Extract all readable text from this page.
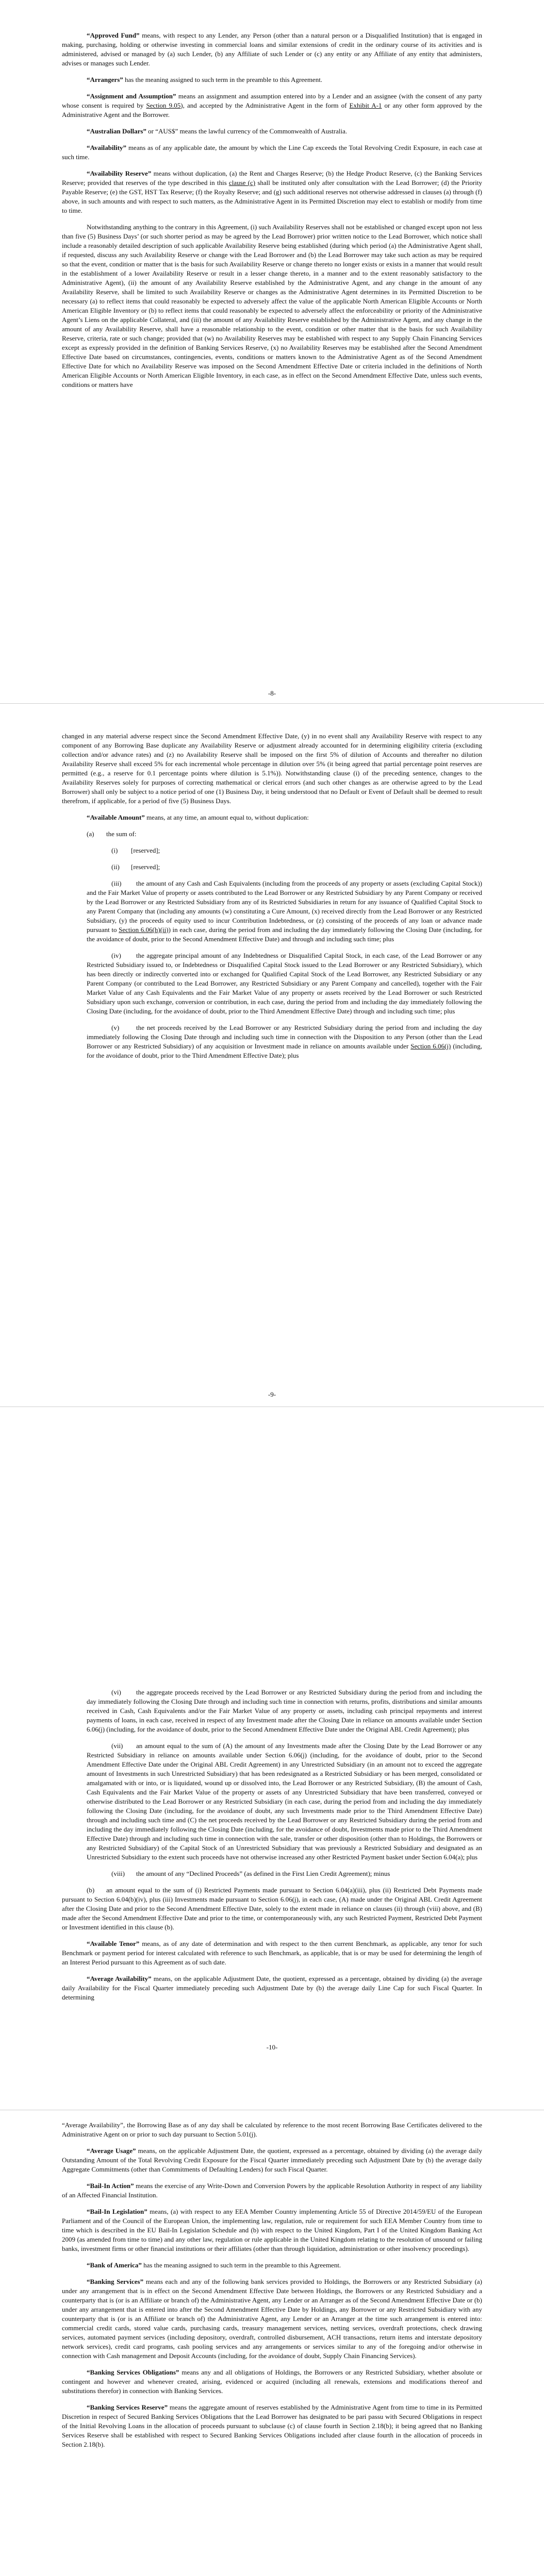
“Approved Fund” means, with respect to any Lender, any Person (other than a natural person or a Disqualified Institution) that is engaged in making, purchasing, holding or otherwise investing in commercial loans and similar extensions of credit in the ordinary course of its activities and is administered, advised or managed by (a) such Lender, (b) any Affiliate of such Lender or (c) any entity or any Affiliate of any entity that administers, advises or manages such Lender.

“Arrangers” has the meaning assigned to such term in the preamble to this Agreement.

“Assignment and Assumption” means an assignment and assumption entered into by a Lender and an assignee (with the consent of any party whose consent is required by Section 9.05), and accepted by the Administrative Agent in the form of Exhibit A-1 or any other form approved by the Administrative Agent and the Borrower.

“Australian Dollars” or “AUS$” means the lawful currency of the Commonwealth of Australia.

“Availability” means as of any applicable date, the amount by which the Line Cap exceeds the Total Revolving Credit Exposure, in each case at such time.

“Availability Reserve” means without duplication, (a) the Rent and Charges Reserve; (b) the Hedge Product Reserve, (c) the Banking Services Reserve; provided that reserves of the type described in this clause (c) shall be instituted only after consultation with the Lead Borrower; (d) the Priority Payable Reserve; (e) the GST, HST Tax Reserve; (f) the Royalty Reserve; and (g) such additional reserves not otherwise addressed in clauses (a) through (f) above, in such amounts and with respect to such matters, as the Administrative Agent in its Permitted Discretion may elect to establish or modify from time to time.

Notwithstanding anything to the contrary in this Agreement, (i) such Availability Reserves shall not be established or changed except upon not less than five (5) Business Days’ (or such shorter period as may be agreed by the Lead Borrower) prior written notice to the Lead Borrower, which notice shall include a reasonably detailed description of such applicable Availability Reserve being established (during which period (a) the Administrative Agent shall, if requested, discuss any such Availability Reserve or change with the Lead Borrower and (b) the Lead Borrower may take such action as may be required so that the event, condition or matter that is the basis for such Availability Reserve or change thereto no longer exists or exists in a manner that would result in the establishment of a lower Availability Reserve or result in a lesser change thereto, in a manner and to the extent reasonably satisfactory to the Administrative Agent), (ii) the amount of any Availability Reserve established by the Administrative Agent, and any change in the amount of any Availability Reserve, shall be limited to such Availability Reserve or changes as the Administrative Agent determines in its Permitted Discretion to be necessary (a) to reflect items that could reasonably be expected to adversely affect the value of the applicable North American Eligible Accounts or North American Eligible Inventory or (b) to reflect items that could reasonably be expected to adversely affect the enforceability or priority of the Administrative Agent’s Liens on the applicable Collateral, and (iii) the amount of any Availability Reserve established by the Administrative Agent, and any change in the amount of any Availability Reserve, shall have a reasonable relationship to the event, condition or other matter that is the basis for such Availability Reserve, criteria, rate or such change; provided that (w) no Availability Reserves may be established with respect to any Supply Chain Financing Services except as expressly provided in the definition of Banking Services Reserve, (x) no Availability Reserves may be established after the Second Amendment Effective Date based on circumstances, contingencies, events, conditions or matters known to the Administrative Agent as of the Second Amendment Effective Date for which no Availability Reserve was imposed on the Second Amendment Effective Date or criteria included in the definitions of North American Eligible Accounts or North American Eligible Inventory, in each case, as in effect on the Second Amendment Effective Date, unless such events, conditions or matters have

-8-

changed in any material adverse respect since the Second Amendment Effective Date, (y) in no event shall any Availability Reserve with respect to any component of any Borrowing Base duplicate any Availability Reserve or adjustment already accounted for in determining eligibility criteria (excluding collection and/or advance rates) and (z) no Availability Reserve shall be imposed on the first 5% of dilution of Accounts and thereafter no dilution Availability Reserve shall exceed 5% for each incremental whole percentage in dilution over 5% (it being agreed that partial percentage point reserves are permitted (e.g., a reserve for 0.1 percentage points where dilution is 5.1%)). Notwithstanding clause (i) of the preceding sentence, changes to the Availability Reserves solely for purposes of correcting mathematical or clerical errors (and such other changes as are otherwise agreed to by the Lead Borrower) shall only be subject to a notice period of one (1) Business Day, it being understood that no Default or Event of Default shall be deemed to result therefrom, if applicable, for a period of five (5) Business Days.

“Available Amount” means, at any time, an amount equal to, without duplication:

(a) the sum of:

(i) [reserved];

(ii) [reserved];

(iii) the amount of any Cash and Cash Equivalents (including from the proceeds of any property or assets (excluding Capital Stock)) and the Fair Market Value of property or assets contributed to the Lead Borrower or any Restricted Subsidiary by any Parent Company or received by the Lead Borrower or any Restricted Subsidiary from any of its Restricted Subsidiaries in return for any issuance of Qualified Capital Stock to any Parent Company that (including any amounts (w) constituting a Cure Amount, (x) received directly from the Lead Borrower or any Restricted Subsidiary, (y) the proceeds of equity used to incur Contribution Indebtedness, or (z) consisting of the proceeds of any loan or advance made pursuant to Section 6.06(h)(ii)) in each case, during the period from and including the day immediately following the Closing Date (including, for the avoidance of doubt, prior to the Second Amendment Effective Date) and through and including such time; plus

(iv) the aggregate principal amount of any Indebtedness or Disqualified Capital Stock, in each case, of the Lead Borrower or any Restricted Subsidiary issued to, or Indebtedness or Disqualified Capital Stock issued to the Lead Borrower or any Restricted Subsidiary), which has been directly or indirectly converted into or exchanged for Qualified Capital Stock of the Lead Borrower, any Restricted Subsidiary or any Parent Company (or contributed to the Lead Borrower, any Restricted Subsidiary or any Parent Company and cancelled), together with the Fair Market Value of any Cash Equivalents and the Fair Market Value of any property or assets received by the Lead Borrower or such Restricted Subsidiary upon such exchange, conversion or contribution, in each case, during the period from and including the day immediately following the Closing Date (including, for the avoidance of doubt, prior to the Third Amendment Effective Date) through and including such time; plus

(v)	the net proceeds received by the Lead Borrower or any Restricted Subsidiary during the period from and including the day immediately following the Closing Date through and including such time in connection with the Disposition to any Person (other than the Lead Borrower or any Restricted Subsidiary) of any acquisition or Investment made in reliance on amounts available under Section 6.06(j) (including, for the avoidance of doubt, prior to the Third Amendment Effective Date); plus

-9-

(vi) the aggregate proceeds received by the Lead Borrower or any Restricted Subsidiary during the period from and including the day immediately following the Closing Date through and including such time in connection with returns, profits, distributions and similar amounts received in Cash, Cash Equivalents and/or the Fair Market Value of any property or assets, including cash principal repayments and interest payments of loans, in each case, received in respect of any Investment made after the Closing Date in reliance on amounts available under Section 6.06(j) (including, for the avoidance of doubt, prior to the Second Amendment Effective Date under the Original ABL Credit Agreement); plus

(vii) an amount equal to the sum of (A) the amount of any Investments made after the Closing Date by the Lead Borrower or any Restricted Subsidiary in reliance on amounts available under Section 6.06(j) (including, for the avoidance of doubt, prior to the Second Amendment Effective Date under the Original ABL Credit Agreement) in any Unrestricted Subsidiary (in an amount not to exceed the aggregate amount of Investments in such Unrestricted Subsidiary) that has been redesignated as a Restricted Subsidiary or has been merged, consolidated or amalgamated with or into, or is liquidated, wound up or dissolved into, the Lead Borrower or any Restricted Subsidiary, (B) the amount of Cash, Cash Equivalents and the Fair Market Value of the property or assets of any Unrestricted Subsidiary that have been transferred, conveyed or otherwise distributed to the Lead Borrower or any Restricted Subsidiary (in each case, during the period from and including the day immediately following the Closing Date (including, for the avoidance of doubt, any such Investments made prior to the Third Amendment Effective Date) through and including such time and (C) the net proceeds received by the Lead Borrower or any Restricted Subsidiary during the period from and including the day immediately following the Closing Date (including, for the avoidance of doubt, Investments made prior to the Third Amendment Effective Date) through and including such time in connection with the sale, transfer or other disposition (other than to Holdings, the Borrowers or any Restricted Subsidiary) of the Capital Stock of an Unrestricted Subsidiary that was previously a Restricted Subsidiary and designated as an Unrestricted Subsidiary to the extent such proceeds have not otherwise increased any other Restricted Payment basket under Section 6.04(a); plus

(viii) the amount of any “Declined Proceeds” (as defined in the First Lien Credit Agreement); minus

(b) an amount equal to the sum of (i) Restricted Payments made pursuant to Section 6.04(a)(iii), plus (ii) Restricted Debt Payments made pursuant to Section 6.04(b)(iv), plus (iii) Investments made pursuant to Section 6.06(j), in each case, (A) made under the Original ABL Credit Agreement after the Closing Date and prior to the Second Amendment Effective Date, solely to the extent made in reliance on clauses (ii) through (viii) above, and (B) made after the Second Amendment Effective Date and prior to the time, or contemporaneously with, any such Restricted Payment, Restricted Debt Payment or Investment identified in this clause (b).

“Available Tenor” means, as of any date of determination and with respect to the then current Benchmark, as applicable, any tenor for such Benchmark or payment period for interest calculated with reference to such Benchmark, as applicable, that is or may be used for determining the length of an Interest Period pursuant to this Agreement as of such date.

“Average Availability” means, on the applicable Adjustment Date, the quotient, expressed as a percentage, obtained by dividing (a) the average daily Availability for the Fiscal Quarter immediately preceding such Adjustment Date by (b) the average daily Line Cap for such Fiscal Quarter. In determining

-10-

“Average Availability”, the Borrowing Base as of any day shall be calculated by reference to the most recent Borrowing Base Certificates delivered to the Administrative Agent on or prior to such day pursuant to Section 5.01(j).

“Average Usage” means, on the applicable Adjustment Date, the quotient, expressed as a percentage, obtained by dividing (a) the average daily Outstanding Amount of the Total Revolving Credit Exposure for the Fiscal Quarter immediately preceding such Adjustment Date by (b) the average daily Aggregate Commitments (other than Commitments of Defaulting Lenders) for such Fiscal Quarter.

“Bail-In Action” means the exercise of any Write-Down and Conversion Powers by the applicable Resolution Authority in respect of any liability of an Affected Financial Institution.

“Bail-In Legislation” means, (a) with respect to any EEA Member Country implementing Article 55 of Directive 2014/59/EU of the European Parliament and of the Council of the European Union, the implementing law, regulation, rule or requirement for such EEA Member Country from time to time which is described in the EU Bail-In Legislation Schedule and (b) with respect to the United Kingdom, Part I of the United Kingdom Banking Act 2009 (as amended from time to time) and any other law, regulation or rule applicable in the United Kingdom relating to the resolution of unsound or failing banks, investment firms or other financial institutions or their affiliates (other than through liquidation, administration or other insolvency proceedings).

“Bank of America” has the meaning assigned to such term in the preamble to this Agreement.

“Banking Services” means each and any of the following bank services provided to Holdings, the Borrowers or any Restricted Subsidiary (a) under any arrangement that is in effect on the Second Amendment Effective Date between Holdings, the Borrowers or any Restricted Subsidiary and a counterparty that is (or is an Affiliate or branch of) the Administrative Agent, any Lender or an Arranger as of the Second Amendment Effective Date or (b) under any arrangement that is entered into after the Second Amendment Effective Date by Holdings, any Borrower or any Restricted Subsidiary with any counterparty that is (or is an Affiliate or branch of) the Administrative Agent, any Lender or an Arranger at the time such arrangement is entered into: commercial credit cards, stored value cards, purchasing cards, treasury management services, netting services, overdraft protections, check drawing services, automated payment services (including depository, overdraft, controlled disbursement, ACH transactions, return items and interstate depository network services), credit card programs, cash pooling services and any arrangements or services similar to any of the foregoing and/or otherwise in connection with Cash management and Deposit Accounts (including, for the avoidance of doubt, Supply Chain Financing Services).

“Banking Services Obligations” means any and all obligations of Holdings, the Borrowers or any Restricted Subsidiary, whether absolute or contingent and however and whenever created, arising, evidenced or acquired (including all renewals, extensions and modifications thereof and substitutions therefor) in connection with Banking Services.

“Banking Services Reserve” means the aggregate amount of reserves established by the Administrative Agent from time to time in its Permitted Discretion in respect of Secured Banking Services Obligations that the Lead Borrower has designated to be pari passu with Secured Obligations in respect of the Initial Revolving Loans in the allocation of proceeds pursuant to subclause (c) of clause fourth in Section 2.18(b); it being agreed that no Banking Services Reserve shall be established with respect to Secured Banking Services Obligations included after clause fourth in the allocation of proceeds in Section 2.18(b).
